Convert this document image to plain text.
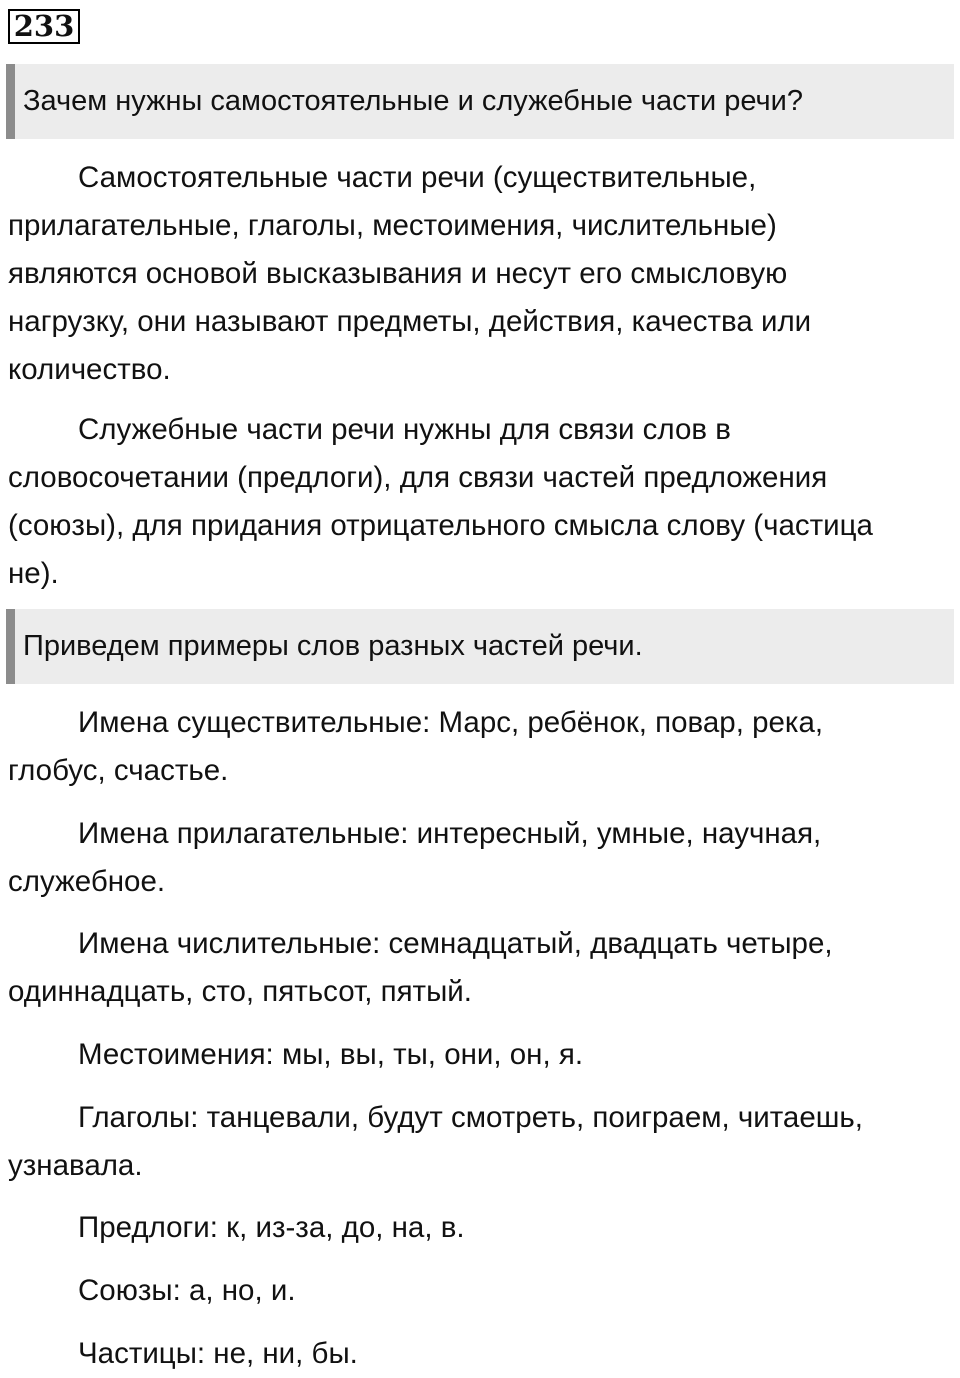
233
Зачем нужны самостоятельные и служебные части речи?

Самостоятельные части речи (существительные, прилагательные, глаголы, местоимения, числительные) являются основой высказывания и несут его смысловую нагрузку, они называют предметы, действия, качества или количество.

Служебные части речи нужны для связи слов в словосочетании (предлоги), для связи частей предложения (союзы), для придания отрицательного смысла слову (частица не).

Приведем примеры слов разных частей речи.

Имена существительные: Марс, ребёнок, повар, река, глобус, счастье.

Имена прилагательные: интересный, умные, научная, служебное.

Имена числительные: семнадцатый, двадцать четыре, одиннадцать, сто, пятьсот, пятый.

Местоимения: мы, вы, ты, они, он, я.

Глаголы: танцевали, будут смотреть, поиграем, читаешь, узнавала.

Предлоги: к, из-за, до, на, в.

Союзы: а, но, и.

Частицы: не, ни, бы.
